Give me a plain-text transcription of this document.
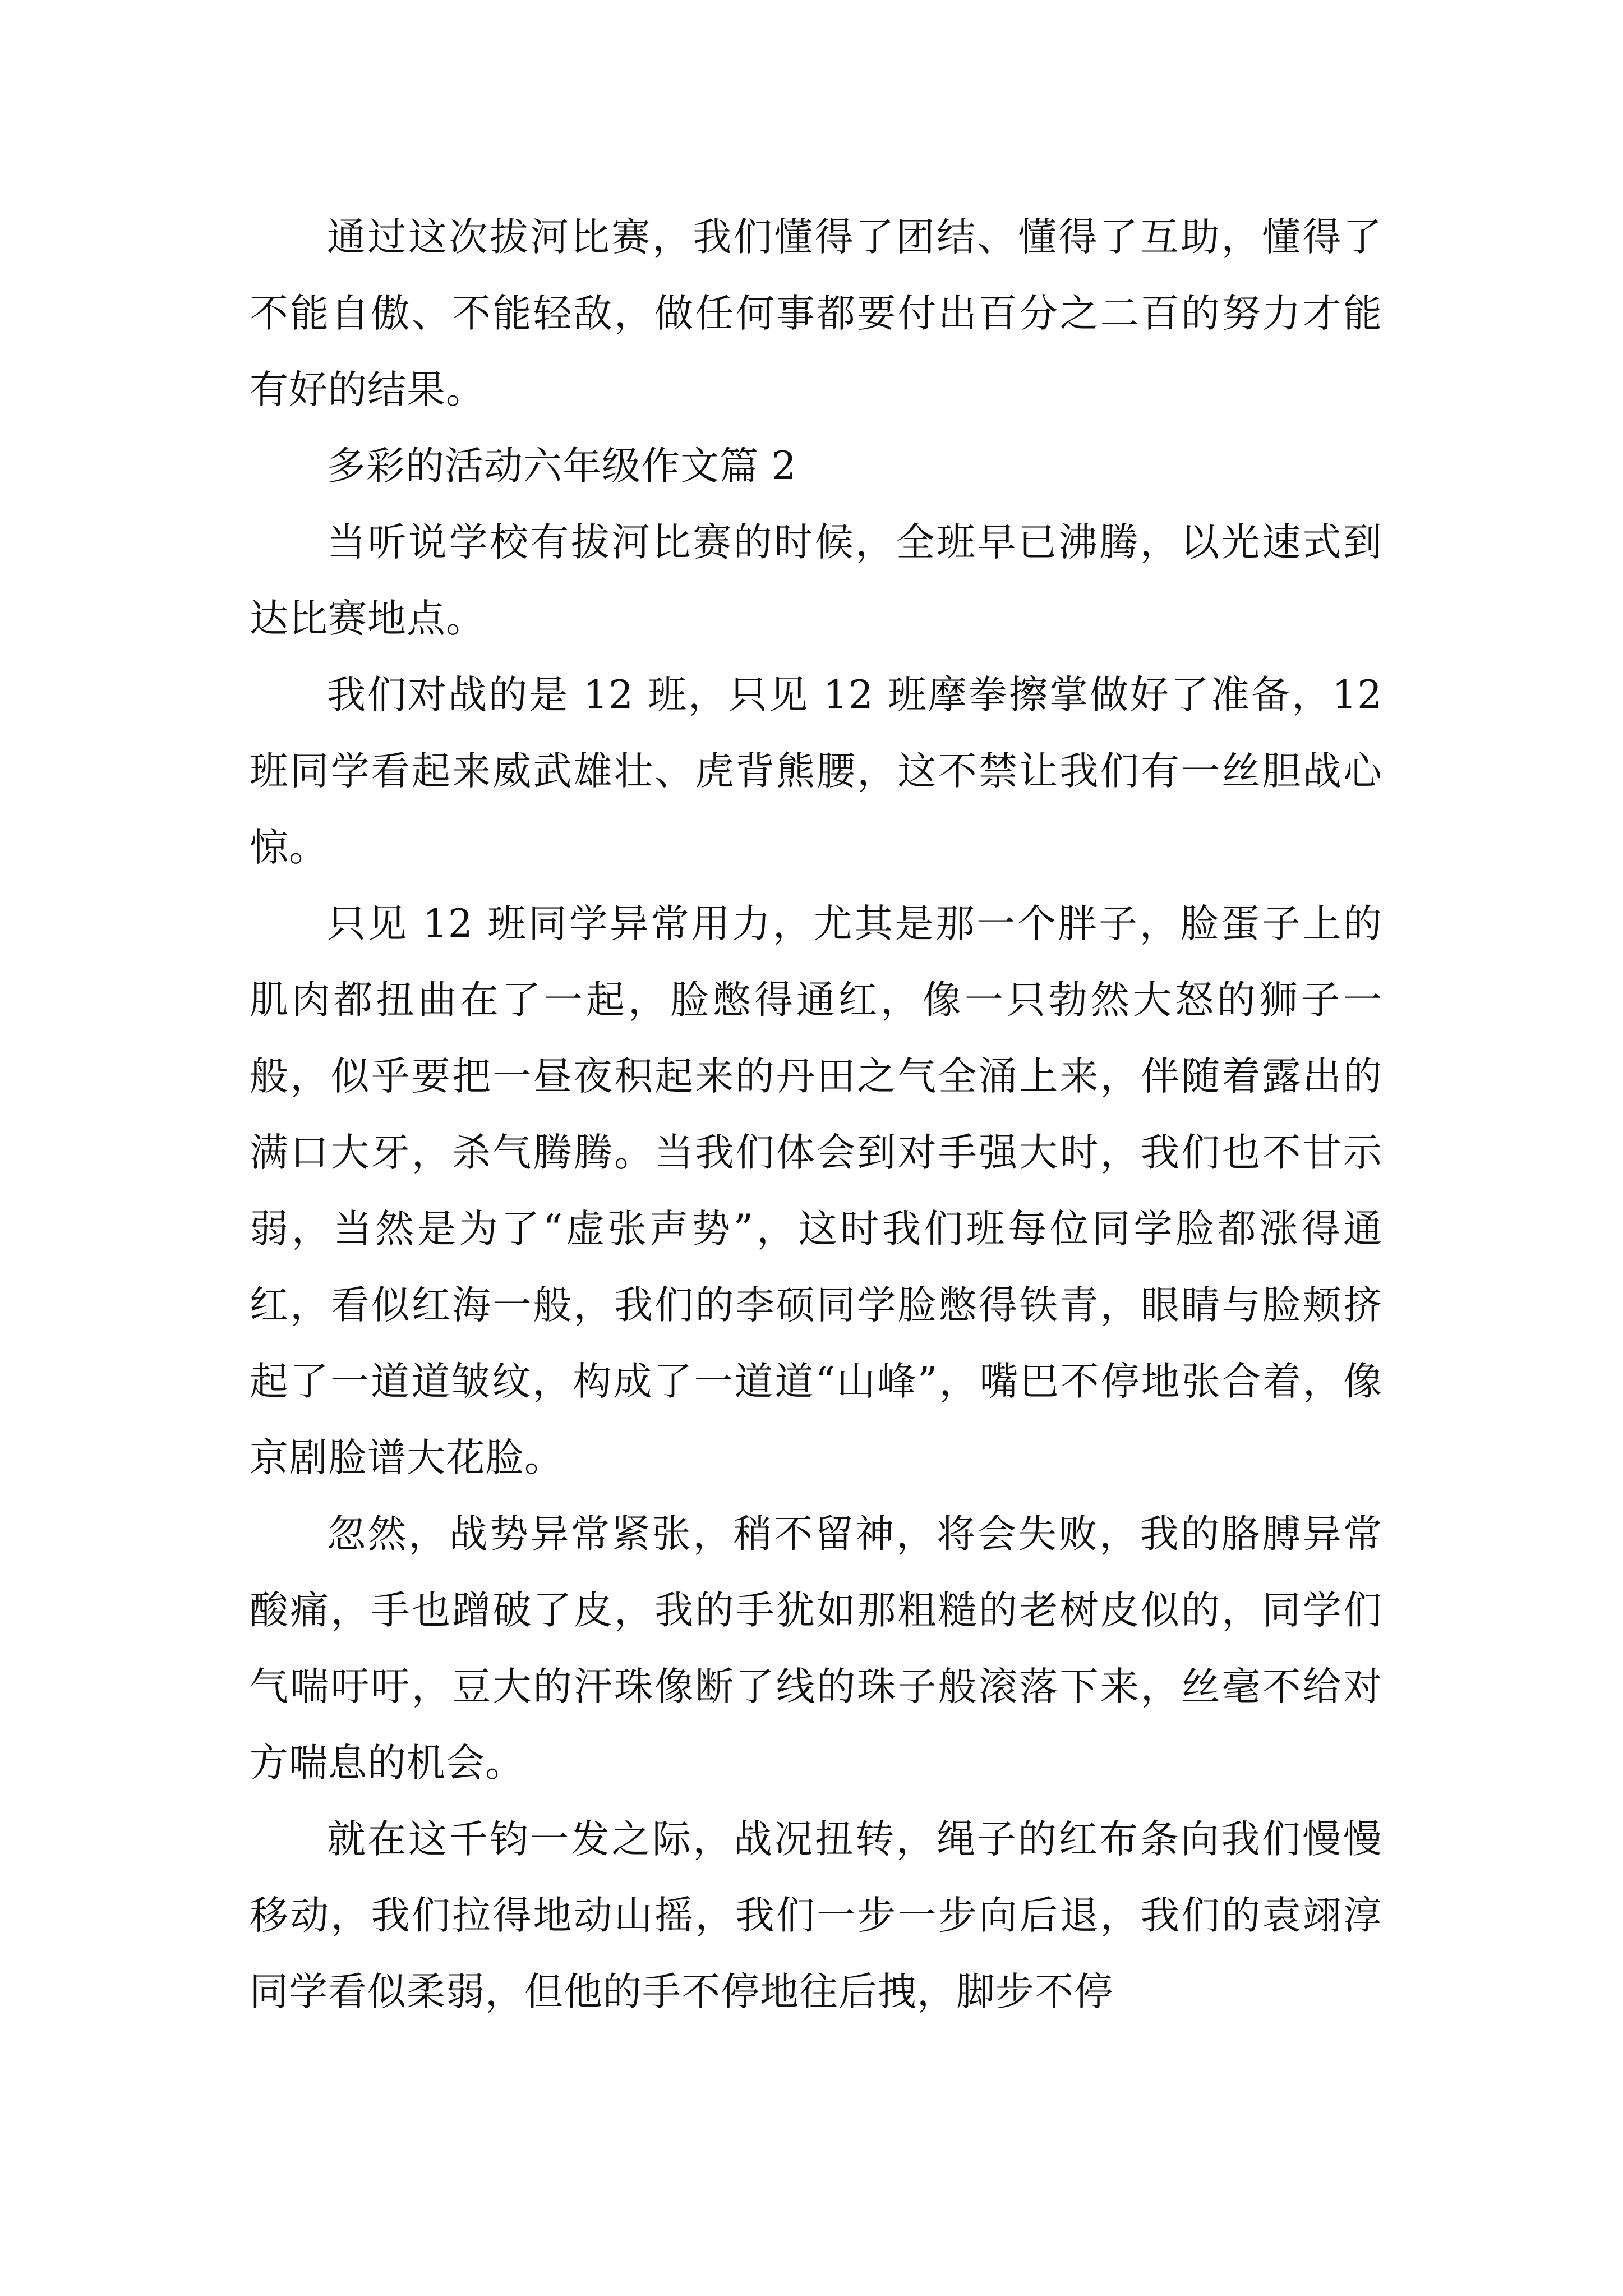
通过这次拔河比赛，我们懂得了团结、懂得了互助，懂得了不能自傲、不能轻敌，做任何事都要付出百分之二百的努力才能有好的结果。

多彩的活动六年级作文篇 2

当听说学校有拔河比赛的时候，全班早已沸腾，以光速式到达比赛地点。

我们对战的是 12 班，只见 12 班摩拳擦掌做好了准备，12 班同学看起来威武雄壮、虎背熊腰，这不禁让我们有一丝胆战心惊。

只见 12 班同学异常用力，尤其是那一个胖子，脸蛋子上的肌肉都扭曲在了一起，脸憋得通红，像一只勃然大怒的狮子一般，似乎要把一昼夜积起来的丹田之气全涌上来，伴随着露出的满口大牙，杀气腾腾。当我们体会到对手强大时，我们也不甘示弱，当然是为了“虚张声势”，这时我们班每位同学脸都涨得通红，看似红海一般，我们的李硕同学脸憋得铁青，眼睛与脸颊挤起了一道道皱纹，构成了一道道“山峰”，嘴巴不停地张合着，像京剧脸谱大花脸。

忽然，战势异常紧张，稍不留神，将会失败，我的胳膊异常酸痛，手也蹭破了皮，我的手犹如那粗糙的老树皮似的，同学们气喘吁吁，豆大的汗珠像断了线的珠子般滚落下来，丝毫不给对方喘息的机会。

就在这千钧一发之际，战况扭转，绳子的红布条向我们慢慢移动，我们拉得地动山摇，我们一步一步向后退，我们的袁翊淳同学看似柔弱，但他的手不停地往后拽，脚步不停
